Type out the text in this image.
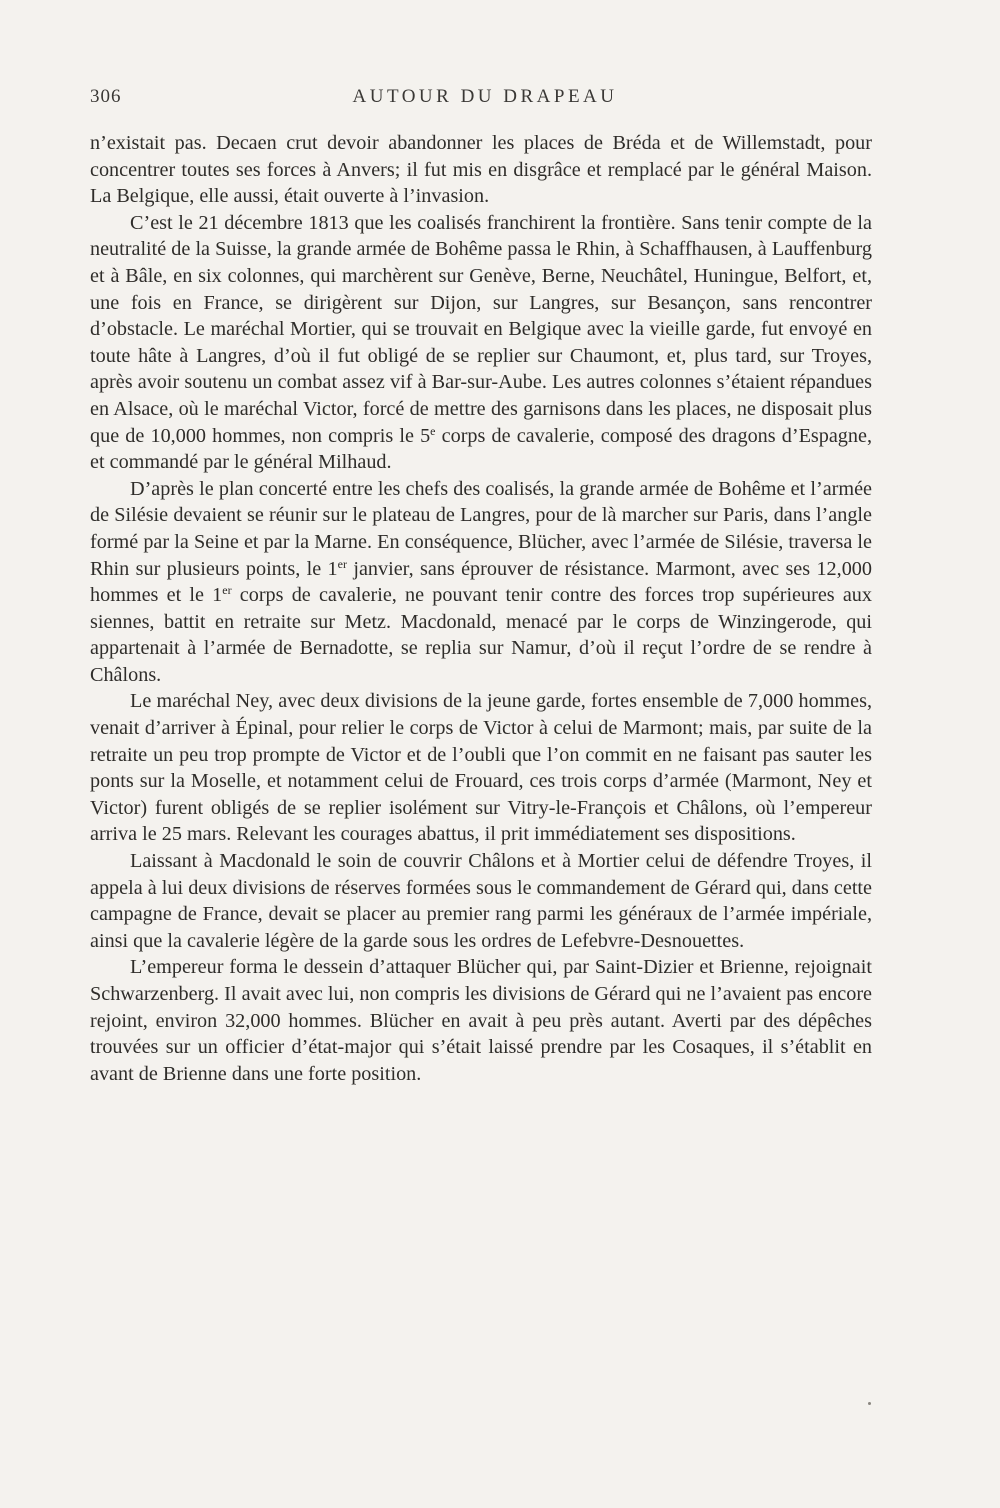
306	AUTOUR DU DRAPEAU

n’existait pas. Decaen crut devoir abandonner les places de Bréda et de Willemstadt, pour concentrer toutes ses forces à Anvers; il fut mis en disgrâce et remplacé par le général Maison. La Belgique, elle aussi, était ouverte à l’invasion.

C’est le 21 décembre 1813 que les coalisés franchirent la frontière. Sans tenir compte de la neutralité de la Suisse, la grande armée de Bohême passa le Rhin, à Schaffhausen, à Lauffenburg et à Bâle, en six colonnes, qui marchèrent sur Genève, Berne, Neuchâtel, Huningue, Belfort, et, une fois en France, se dirigèrent sur Dijon, sur Langres, sur Besançon, sans rencontrer d’obstacle. Le maréchal Mortier, qui se trouvait en Belgique avec la vieille garde, fut envoyé en toute hâte à Langres, d’où il fut obligé de se replier sur Chaumont, et, plus tard, sur Troyes, après avoir soutenu un combat assez vif à Bar-sur-Aube. Les autres colonnes s’étaient répandues en Alsace, où le maréchal Victor, forcé de mettre des garnisons dans les places, ne disposait plus que de 10,000 hommes, non compris le 5e corps de cavalerie, composé des dragons d’Espagne, et commandé par le général Milhaud.

D’après le plan concerté entre les chefs des coalisés, la grande armée de Bohême et l’armée de Silésie devaient se réunir sur le plateau de Langres, pour de là marcher sur Paris, dans l’angle formé par la Seine et par la Marne. En conséquence, Blücher, avec l’armée de Silésie, traversa le Rhin sur plusieurs points, le 1er janvier, sans éprouver de résistance. Marmont, avec ses 12,000 hommes et le 1er corps de cavalerie, ne pouvant tenir contre des forces trop supérieures aux siennes, battit en retraite sur Metz. Macdonald, menacé par le corps de Winzingerode, qui appartenait à l’armée de Bernadotte, se replia sur Namur, d’où il reçut l’ordre de se rendre à Châlons.

Le maréchal Ney, avec deux divisions de la jeune garde, fortes ensemble de 7,000 hommes, venait d’arriver à Épinal, pour relier le corps de Victor à celui de Marmont; mais, par suite de la retraite un peu trop prompte de Victor et de l’oubli que l’on commit en ne faisant pas sauter les ponts sur la Moselle, et notamment celui de Frouard, ces trois corps d’armée (Marmont, Ney et Victor) furent obligés de se replier isolément sur Vitry-le-François et Châlons, où l’empereur arriva le 25 mars. Relevant les courages abattus, il prit immédiatement ses dispositions.

Laissant à Macdonald le soin de couvrir Châlons et à Mortier celui de défendre Troyes, il appela à lui deux divisions de réserves formées sous le commandement de Gérard qui, dans cette campagne de France, devait se placer au premier rang parmi les généraux de l’armée impériale, ainsi que la cavalerie légère de la garde sous les ordres de Lefebvre-Desnouettes.

L’empereur forma le dessein d’attaquer Blücher qui, par Saint-Dizier et Brienne, rejoignait Schwarzenberg. Il avait avec lui, non compris les divisions de Gérard qui ne l’avaient pas encore rejoint, environ 32,000 hommes. Blücher en avait à peu près autant. Averti par des dépêches trouvées sur un officier d’état-major qui s’était laissé prendre par les Cosaques, il s’établit en avant de Brienne dans une forte position.
